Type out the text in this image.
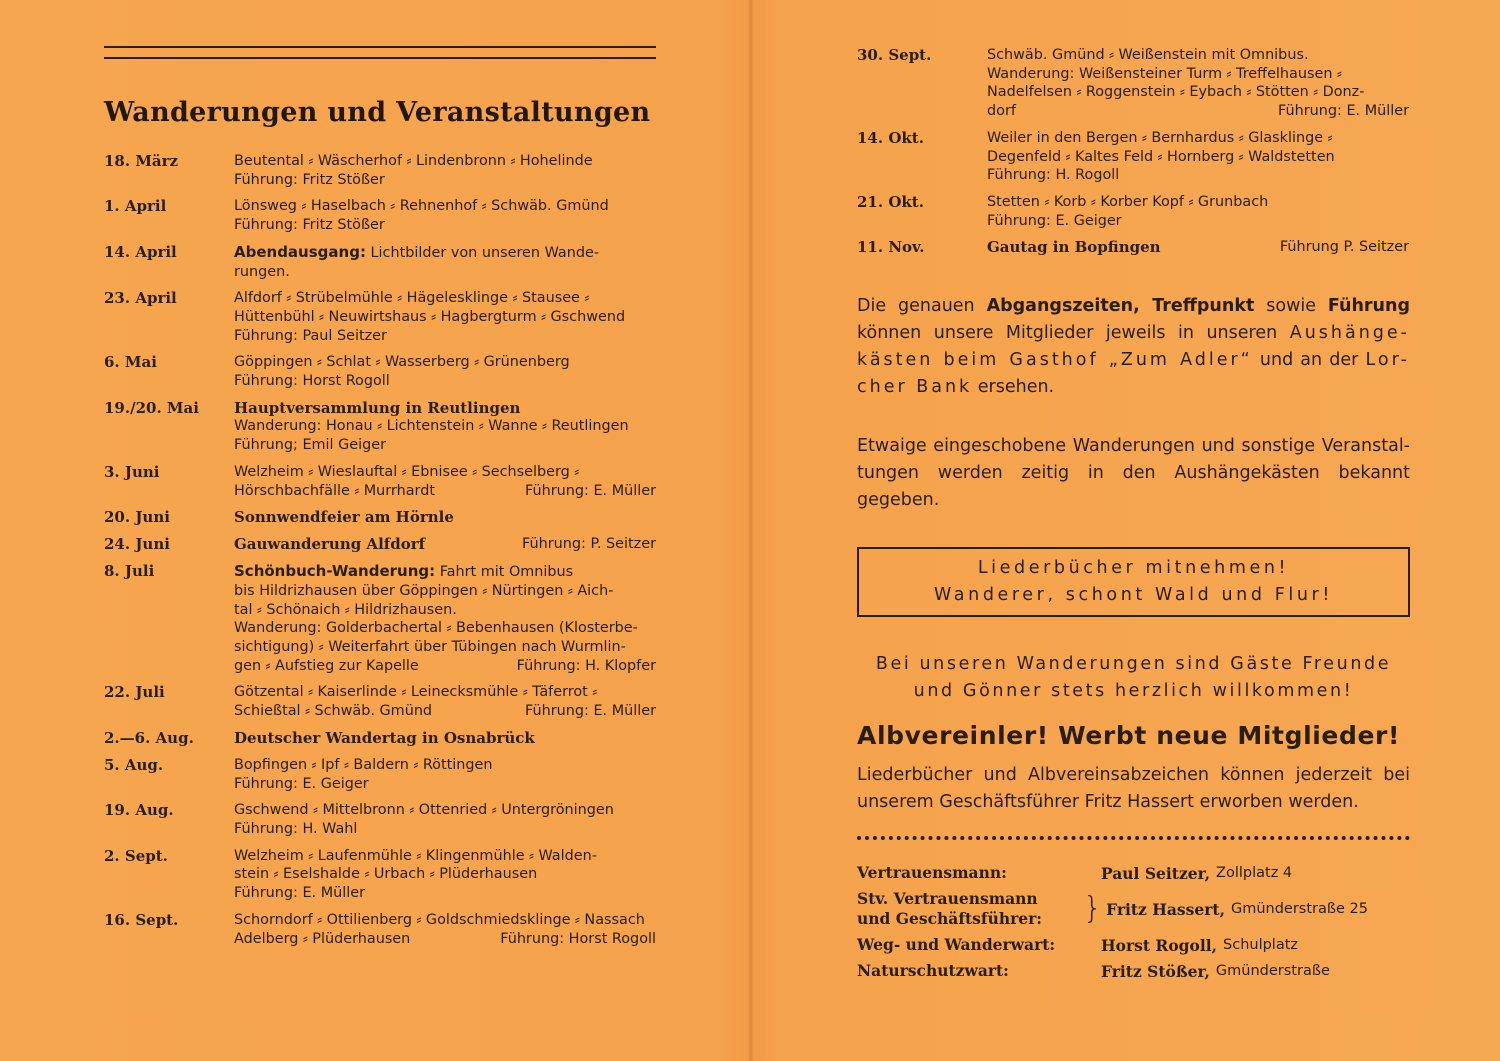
Wanderungen und Veranstaltungen
18. März	Beutental ⸗ Wäscherhof ⸗ Lindenbronn ⸗ Hohelinde
Führung: Fritz Stößer
1. April	Lönsweg ⸗ Haselbach ⸗ Rehnenhof ⸗ Schwäb. Gmünd
Führung: Fritz Stößer
14. April	Abendausgang: Lichtbilder von unseren Wande-
rungen.
23. April	Alfdorf ⸗ Strübelmühle ⸗ Hägelesklinge ⸗ Stausee ⸗
Hüttenbühl ⸗ Neuwirtshaus ⸗ Hagbergturm ⸗ Gschwend
Führung: Paul Seitzer
6. Mai	Göppingen ⸗ Schlat ⸗ Wasserberg ⸗ Grünenberg
Führung: Horst Rogoll
19./20. Mai	Hauptversammlung in Reutlingen
Wanderung: Honau ⸗ Lichtenstein ⸗ Wanne ⸗ Reutlingen
Führung; Emil Geiger
3. Juni	Welzheim ⸗ Wieslauftal ⸗ Ebnisee ⸗ Sechselberg ⸗
Hörschbachfälle ⸗ Murrhardt	Führung: E. Müller
20. Juni	Sonnwendfeier am Hörnle
24. Juni	Gauwanderung Alfdorf	Führung: P. Seitzer
8. Juli	Schönbuch-Wanderung: Fahrt mit Omnibus
bis Hildrizhausen über Göppingen ⸗ Nürtingen ⸗ Aich-
tal ⸗ Schönaich ⸗ Hildrizhausen.
Wanderung: Golderbachertal ⸗ Bebenhausen (Klosterbe-
sichtigung) ⸗ Weiterfahrt über Tübingen nach Wurmlin-
gen ⸗ Aufstieg zur Kapelle	Führung: H. Klopfer
22. Juli	Götzental ⸗ Kaiserlinde ⸗ Leinecksmühle ⸗ Täferrot ⸗
Schießtal ⸗ Schwäb. Gmünd	Führung: E. Müller
2.—6. Aug.	Deutscher Wandertag in Osnabrück
5. Aug.	Bopfingen ⸗ Ipf ⸗ Baldern ⸗ Röttingen
Führung: E. Geiger
19. Aug.	Gschwend ⸗ Mittelbronn ⸗ Ottenried ⸗ Untergröningen
Führung: H. Wahl
2. Sept.	Welzheim ⸗ Laufenmühle ⸗ Klingenmühle ⸗ Walden-
stein ⸗ Eselshalde ⸗ Urbach ⸗ Plüderhausen
Führung: E. Müller
16. Sept.	Schorndorf ⸗ Ottilienberg ⸗ Goldschmiedsklinge ⸗ Nassach
Adelberg ⸗ Plüderhausen	Führung: Horst Rogoll
30. Sept.	Schwäb. Gmünd ⸗ Weißenstein mit Omnibus.
Wanderung: Weißensteiner Turm ⸗ Treffelhausen ⸗
Nadelfelsen ⸗ Roggenstein ⸗ Eybach ⸗ Stötten ⸗ Donz-
dorf	Führung: E. Müller
14. Okt.	Weiler in den Bergen ⸗ Bernhardus ⸗ Glasklinge ⸗
Degenfeld ⸗ Kaltes Feld ⸗ Hornberg ⸗ Waldstetten
Führung: H. Rogoll
21. Okt.	Stetten ⸗ Korb ⸗ Korber Kopf ⸗ Grunbach
Führung: E. Geiger
11. Nov.	Gautag in Bopfingen	Führung P. Seitzer
Die genauen Abgangszeiten, Treffpunkt sowie Führung können unsere Mitglieder jeweils in unseren Aushänge- kästen beim Gasthof „Zum Adler“ und an der Lor- cher Bank ersehen.
Etwaige eingeschobene Wanderungen und sonstige Veranstal-tungen werden zeitig in den Aushängekästen bekannt gegeben.
Liederbücher mitnehmen!
Wanderer, schont Wald und Flur!
Bei unseren Wanderungen sind Gäste Freunde
und Gönner stets herzlich willkommen!
Albvereinler! Werbt neue Mitglieder!
Liederbücher und Albvereinsabzeichen können jederzeit bei unserem Geschäftsführer Fritz Hassert erworben werden.
Vertrauensmann:	Paul Seitzer, Zollplatz 4
Stv. Vertrauensmann
und Geschäftsführer:	} Fritz Hassert, Gmünderstraße 25
Weg- und Wanderwart:	Horst Rogoll, Schulplatz
Naturschutzwart:	Fritz Stößer, Gmünderstraße
